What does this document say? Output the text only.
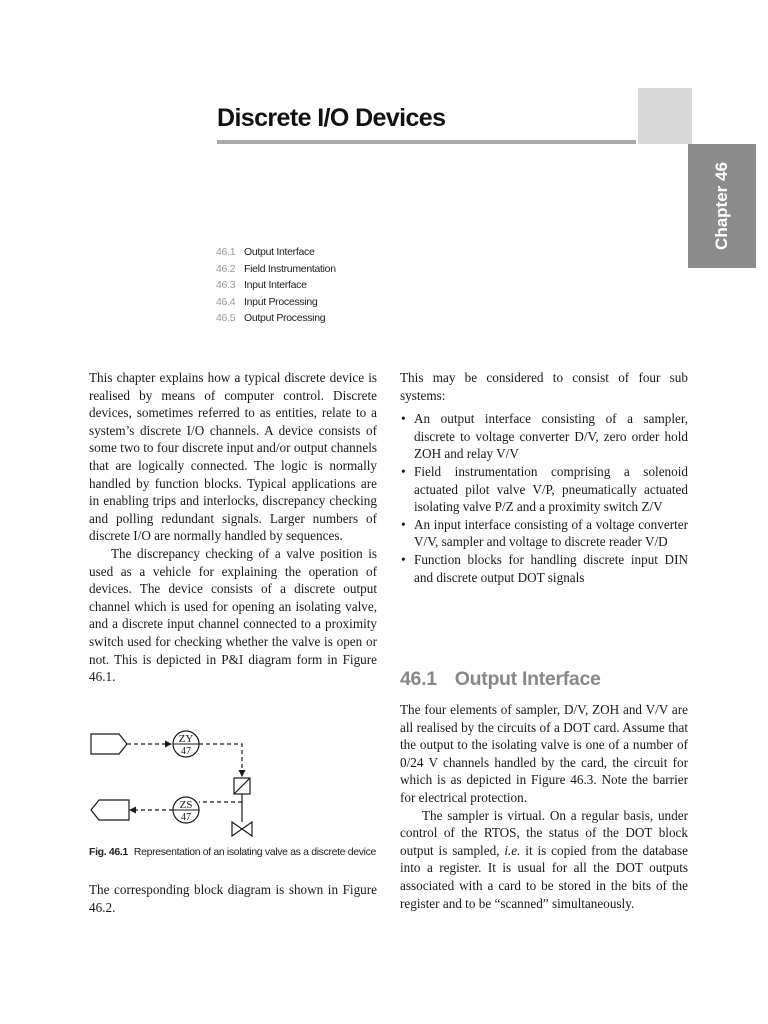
Chapter 46
Discrete I/O Devices
46.1 Output Interface
46.2 Field Instrumentation
46.3 Input Interface
46.4 Input Processing
46.5 Output Processing

This chapter explains how a typical discrete device is realised by means of computer control. Discrete devices, sometimes referred to as entities, relate to a system’s discrete I/O channels. A device consists of some two to four discrete input and/or output channels that are logically connected. The logic is normally handled by function blocks. Typical applications are in enabling trips and interlocks, discrepancy checking and polling redundant signals. Larger numbers of discrete I/O are normally handled by sequences.

The discrepancy checking of a valve position is used as a vehicle for explaining the operation of devices. The device consists of a discrete output channel which is used for opening an isolating valve, and a discrete input channel connected to a proximity switch used for checking whether the valve is open or not. This is depicted in P&I diagram form in Figure 46.1.

ZY
47
ZS
47
Fig. 46.1 Representation of an isolating valve as a discrete device

The corresponding block diagram is shown in Figure 46.2.

This may be considered to consist of four sub systems:

• An output interface consisting of a sampler, discrete to voltage converter D/V, zero order hold ZOH and relay V/V
• Field instrumentation comprising a solenoid actuated pilot valve V/P, pneumatically actuated isolating valve P/Z and a proximity switch Z/V
• An input interface consisting of a voltage converter V/V, sampler and voltage to discrete reader V/D
• Function blocks for handling discrete input DIN and discrete output DOT signals
46.1 Output Interface

The four elements of sampler, D/V, ZOH and V/V are all realised by the circuits of a DOT card. Assume that the output to the isolating valve is one of a number of 0/24 V channels handled by the card, the circuit for which is as depicted in Figure 46.3. Note the barrier for electrical protection.

The sampler is virtual. On a regular basis, under control of the RTOS, the status of the DOT block output is sampled, i.e. it is copied from the database into a register. It is usual for all the DOT outputs associated with a card to be stored in the bits of the register and to be “scanned” simultaneously.
